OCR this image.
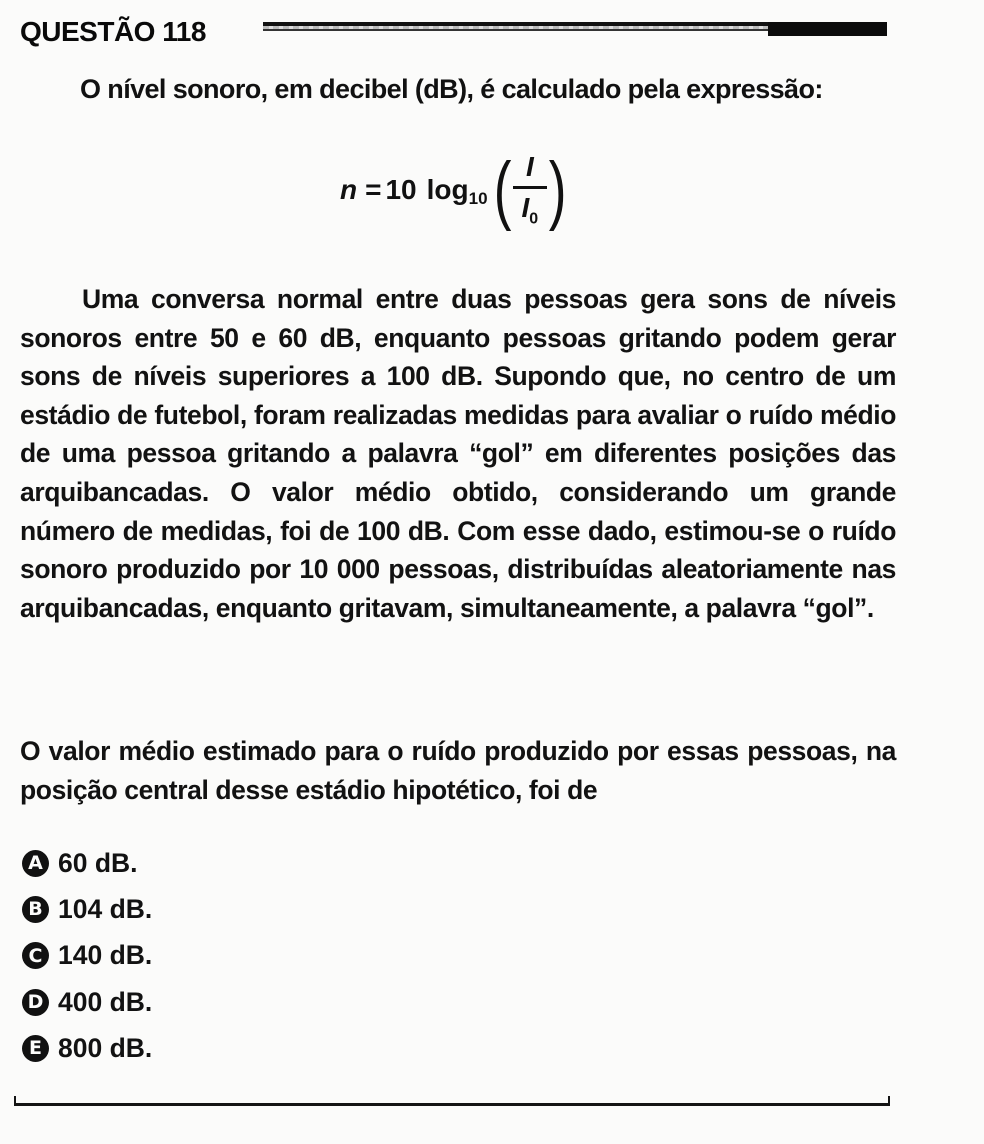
QUESTÃO 118
O nível sonoro, em decibel (dB), é calculado pela expressão:
n = 10 log 10 ( $\frac{I}{I_0}$ )

Uma conversa normal entre duas pessoas gera sons de níveis sonoros entre 50 e 60 dB, enquanto pessoas gritando podem gerar sons de níveis superiores a 100 dB. Supondo que, no centro de um estádio de futebol, foram realizadas medidas para avaliar o ruído médio de uma pessoa gritando a palavra “gol” em diferentes posições das arquibancadas. O valor médio obtido, considerando um grande número de medidas, foi de 100 dB. Com esse dado, estimou-se o ruído sonoro produzido por 10 000 pessoas, distribuídas aleatoriamente nas arquibancadas, enquanto gritavam, simultaneamente, a palavra “gol”.

O valor médio estimado para o ruído produzido por essas pessoas, na posição central desse estádio hipotético, foi de
A 60 dB.
B 104 dB.
C 140 dB.
D 400 dB.
E 800 dB.
